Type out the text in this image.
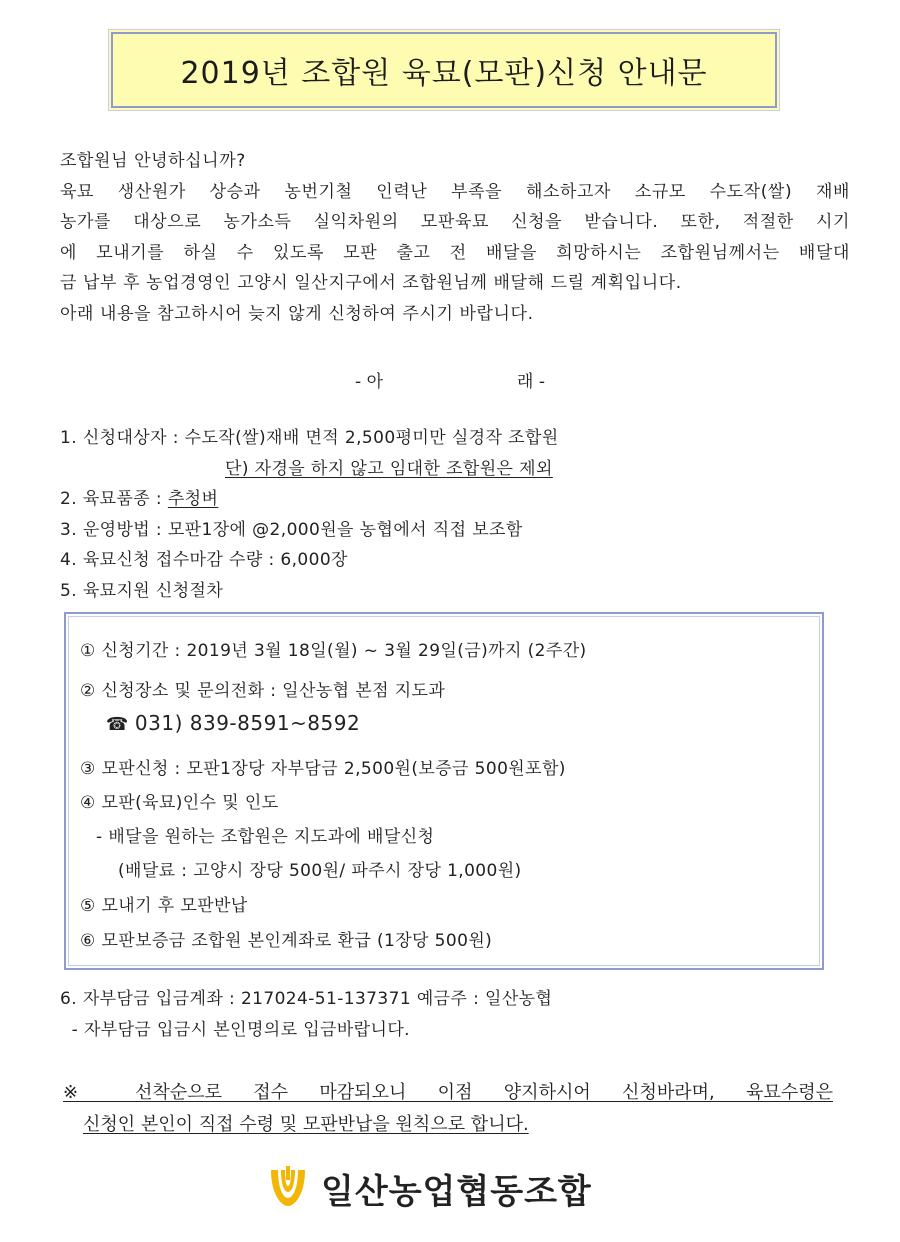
2019년 조합원 육묘(모판)신청 안내문

조합원님 안녕하십니까?

육묘 생산원가 상승과 농번기철 인력난 부족을 해소하고자 소규모 수도작(쌀) 재배

농가를 대상으로 농가소득 실익차원의 모판육묘 신청을 받습니다. 또한, 적절한 시기

에 모내기를 하실 수 있도록 모판 출고 전 배달을 희망하시는 조합원님께서는 배달대

금 납부 후 농업경영인 고양시 일산지구에서 조합원님께 배달해 드릴 계획입니다.

아래 내용을 참고하시어 늦지 않게 신청하여 주시기 바랍니다.

- 아	래 -
1. 신청대상자 : 수도작(쌀)재배 면적 2,500평미만 실경작 조합원
단) 자경을 하지 않고 임대한 조합원은 제외
2. 육묘품종 : 추청벼
3. 운영방법 : 모판1장에 @2,000원을 농협에서 직접 보조함
4. 육묘신청 접수마감 수량 : 6,000장
5. 육묘지원 신청절차
① 신청기간 : 2019년 3월 18일(월) ~ 3월 29일(금)까지 (2주간)
② 신청장소 및 문의전화 : 일산농협 본점 지도과
☎ 031) 839-8591~8592
③ 모판신청 : 모판1장당 자부담금 2,500원(보증금 500원포함)
④ 모판(육묘)인수 및 인도
- 배달을 원하는 조합원은 지도과에 배달신청
(배달료 : 고양시 장당 500원/ 파주시 장당 1,000원)
⑤ 모내기 후 모판반납
⑥ 모판보증금 조합원 본인계좌로 환급 (1장당 500원)
6. 자부담금 입금계좌 : 217024-51-137371 예금주 : 일산농협
- 자부담금 입금시 본인명의로 입금바랍니다.

※ 선착순으로 접수 마감되오니 이점 양지하시어 신청바라며, 육묘수령은

신청인 본인이 직접 수령 및 모판반납을 원칙으로 합니다.

일산농업협동조합
